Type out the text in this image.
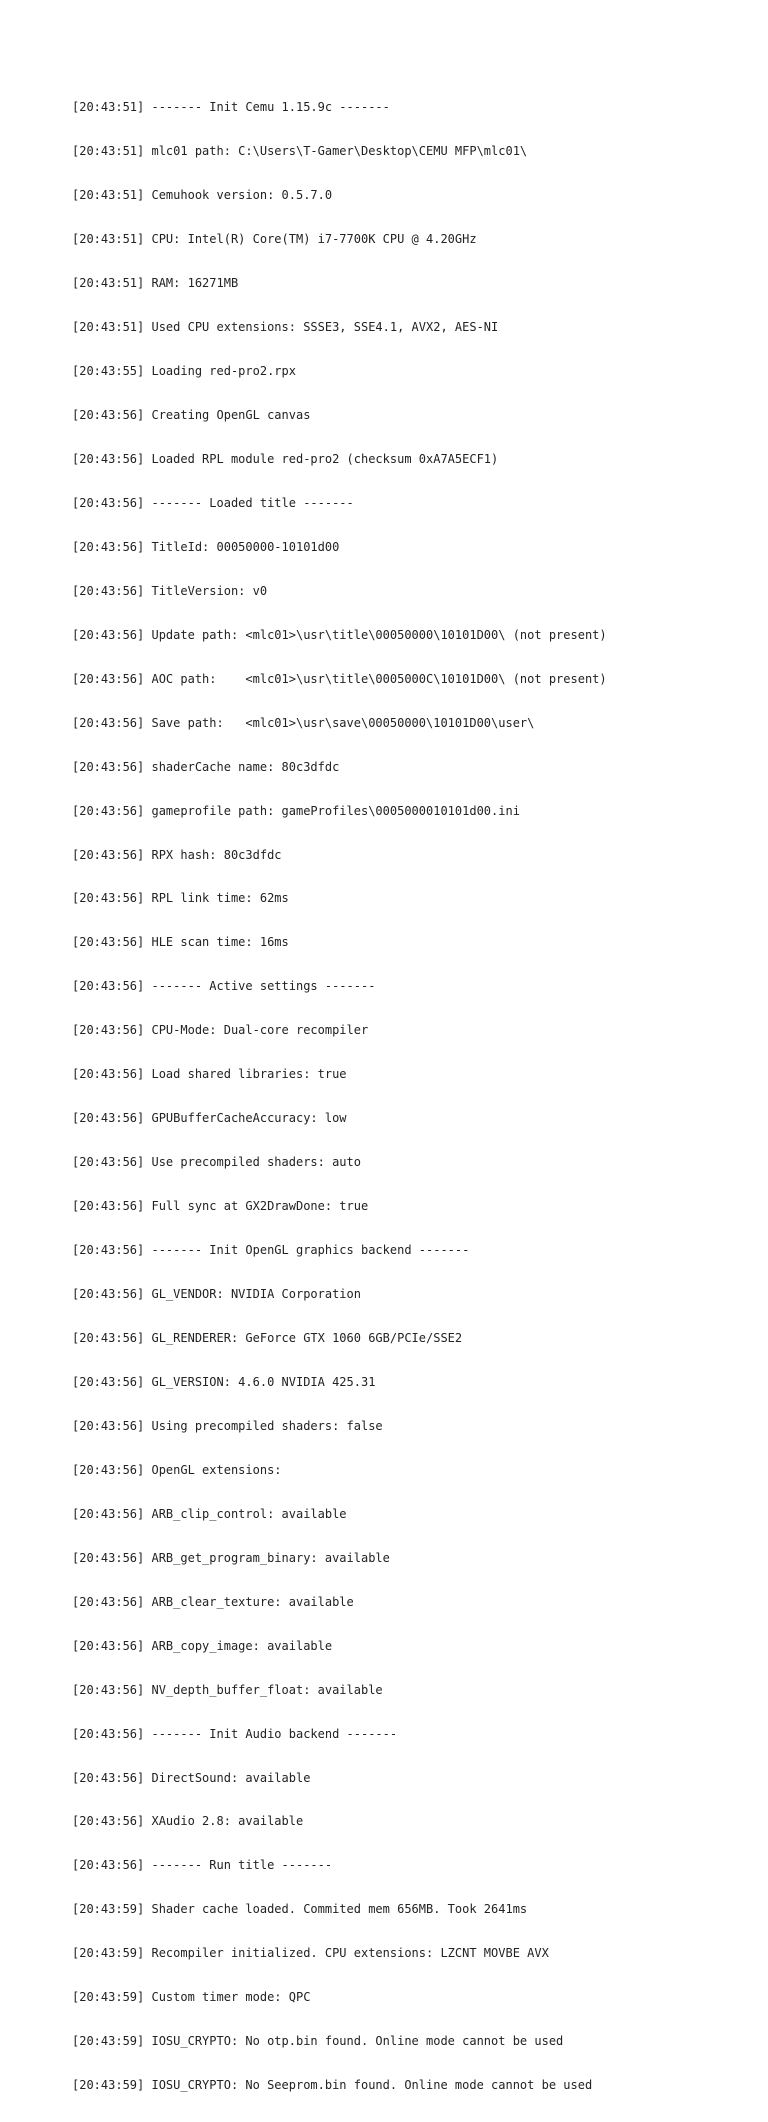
[20:43:51] ------- Init Cemu 1.15.9c -------

[20:43:51] mlc01 path: C:\Users\T-Gamer\Desktop\CEMU MFP\mlc01\

[20:43:51] Cemuhook version: 0.5.7.0

[20:43:51] CPU: Intel(R) Core(TM) i7-7700K CPU @ 4.20GHz

[20:43:51] RAM: 16271MB

[20:43:51] Used CPU extensions: SSSE3, SSE4.1, AVX2, AES-NI

[20:43:55] Loading red-pro2.rpx

[20:43:56] Creating OpenGL canvas

[20:43:56] Loaded RPL module red-pro2 (checksum 0xA7A5ECF1)

[20:43:56] ------- Loaded title -------

[20:43:56] TitleId: 00050000-10101d00

[20:43:56] TitleVersion: v0

[20:43:56] Update path: <mlc01>\usr\title\00050000\10101D00\ (not present)

[20:43:56] AOC path:    <mlc01>\usr\title\0005000C\10101D00\ (not present)

[20:43:56] Save path:   <mlc01>\usr\save\00050000\10101D00\user\

[20:43:56] shaderCache name: 80c3dfdc

[20:43:56] gameprofile path: gameProfiles\0005000010101d00.ini

[20:43:56] RPX hash: 80c3dfdc

[20:43:56] RPL link time: 62ms

[20:43:56] HLE scan time: 16ms

[20:43:56] ------- Active settings -------

[20:43:56] CPU-Mode: Dual-core recompiler

[20:43:56] Load shared libraries: true

[20:43:56] GPUBufferCacheAccuracy: low

[20:43:56] Use precompiled shaders: auto

[20:43:56] Full sync at GX2DrawDone: true

[20:43:56] ------- Init OpenGL graphics backend -------

[20:43:56] GL_VENDOR: NVIDIA Corporation

[20:43:56] GL_RENDERER: GeForce GTX 1060 6GB/PCIe/SSE2

[20:43:56] GL_VERSION: 4.6.0 NVIDIA 425.31

[20:43:56] Using precompiled shaders: false

[20:43:56] OpenGL extensions:

[20:43:56] ARB_clip_control: available

[20:43:56] ARB_get_program_binary: available

[20:43:56] ARB_clear_texture: available

[20:43:56] ARB_copy_image: available

[20:43:56] NV_depth_buffer_float: available

[20:43:56] ------- Init Audio backend -------

[20:43:56] DirectSound: available

[20:43:56] XAudio 2.8: available

[20:43:56] ------- Run title -------

[20:43:59] Shader cache loaded. Commited mem 656MB. Took 2641ms

[20:43:59] Recompiler initialized. CPU extensions: LZCNT MOVBE AVX

[20:43:59] Custom timer mode: QPC

[20:43:59] IOSU_CRYPTO: No otp.bin found. Online mode cannot be used

[20:43:59] IOSU_CRYPTO: No Seeprom.bin found. Online mode cannot be used
